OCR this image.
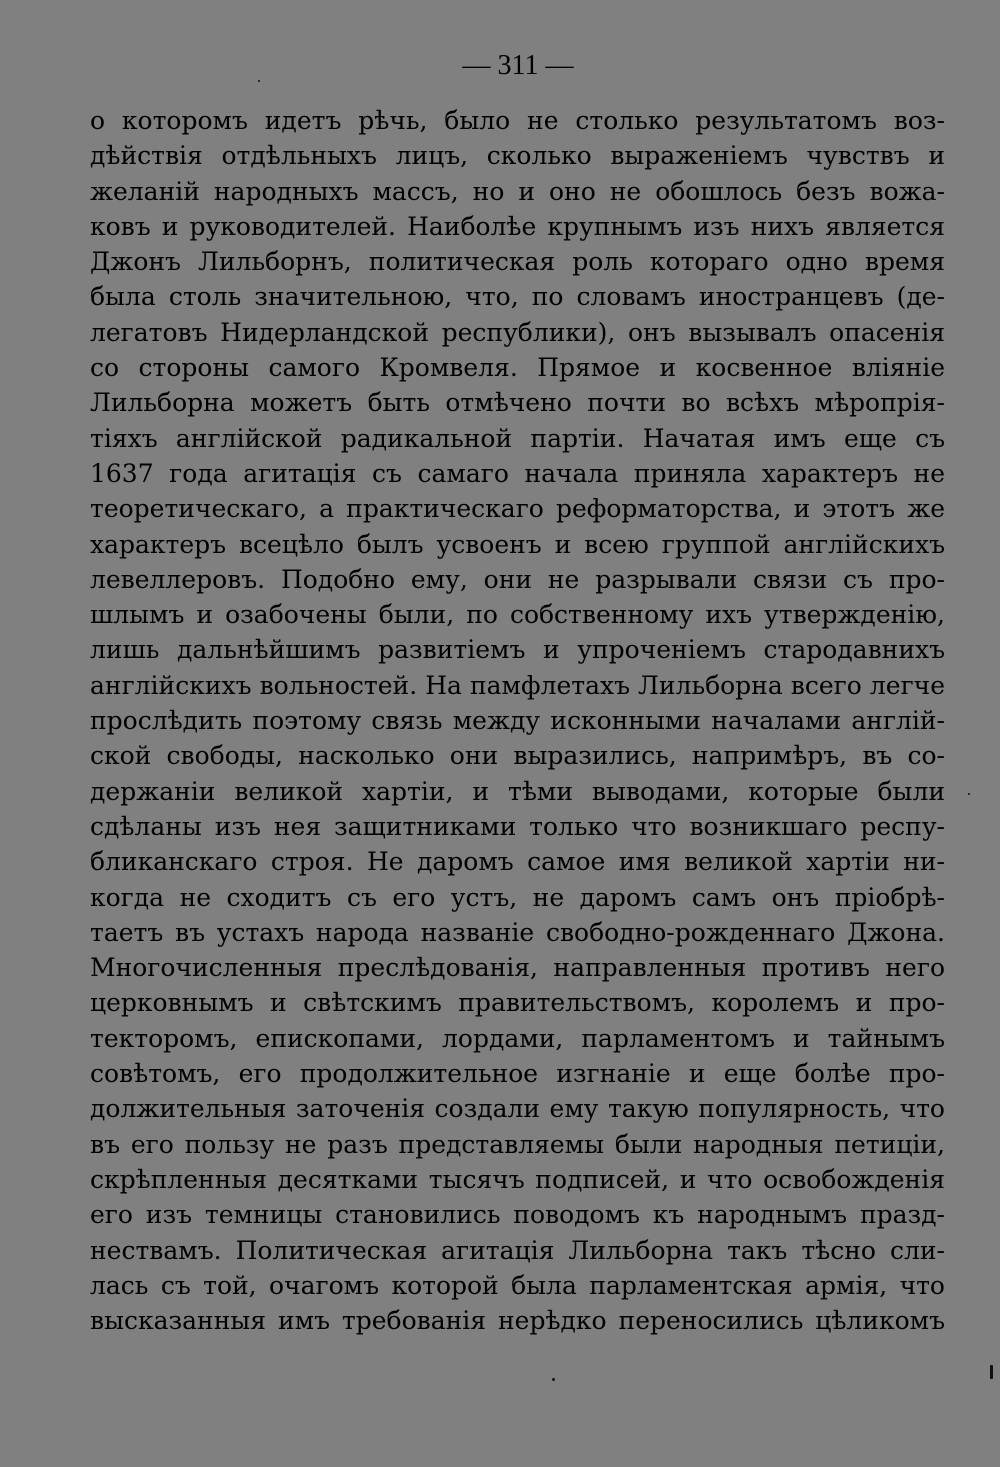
— 311 —
о которомъ идетъ рѣчь, было не столько результатомъ воз-
дѣйствія отдѣльныхъ лицъ, сколько выраженіемъ чувствъ и
желаній народныхъ массъ, но и оно не обошлось безъ вожа-
ковъ и руководителей. Наиболѣе крупнымъ изъ нихъ является
Джонъ Лильборнъ, политическая роль котораго одно время
была столь значительною, что, по словамъ иностранцевъ (де-
легатовъ Нидерландской республики), онъ вызывалъ опасенія
со стороны самого Кромвеля. Прямое и косвенное вліяніе
Лильборна можетъ быть отмѣчено почти во всѣхъ мѣропрія-
тіяхъ англійской радикальной партіи. Начатая имъ еще съ
1637 года агитація съ самаго начала приняла характеръ не
теоретическаго, а практическаго реформаторства, и этотъ же
характеръ всецѣло былъ усвоенъ и всею группой англійскихъ
левеллеровъ. Подобно ему, они не разрывали связи съ про-
шлымъ и озабочены были, по собственному ихъ утвержденію,
лишь дальнѣйшимъ развитіемъ и упроченіемъ стародавнихъ
англійскихъ вольностей. На памфлетахъ Лильборна всего легче
прослѣдить поэтому связь между исконными началами англій-
ской свободы, насколько они выразились, напримѣръ, въ со-
держаніи великой хартіи, и тѣми выводами, которые были
сдѣланы изъ нея защитниками только что возникшаго респу-
бликанскаго строя. Не даромъ самое имя великой хартіи ни-
когда не сходитъ съ его устъ, не даромъ самъ онъ пріобрѣ-
таетъ въ устахъ народа названіе свободно-рожденнаго Джона.
Многочисленныя преслѣдованія, направленныя противъ него
церковнымъ и свѣтскимъ правительствомъ, королемъ и про-
текторомъ, епископами, лордами, парламентомъ и тайнымъ
совѣтомъ, его продолжительное изгнаніе и еще болѣе про-
должительныя заточенія создали ему такую популярность, что
въ его пользу не разъ представляемы были народныя петиціи,
скрѣпленныя десятками тысячъ подписей, и что освобожденія
его изъ темницы становились поводомъ къ народнымъ празд-
нествамъ. Политическая агитація Лильборна такъ тѣсно сли-
лась съ той, очагомъ которой была парламентская армія, что
высказанныя имъ требованія нерѣдко переносились цѣликомъ
